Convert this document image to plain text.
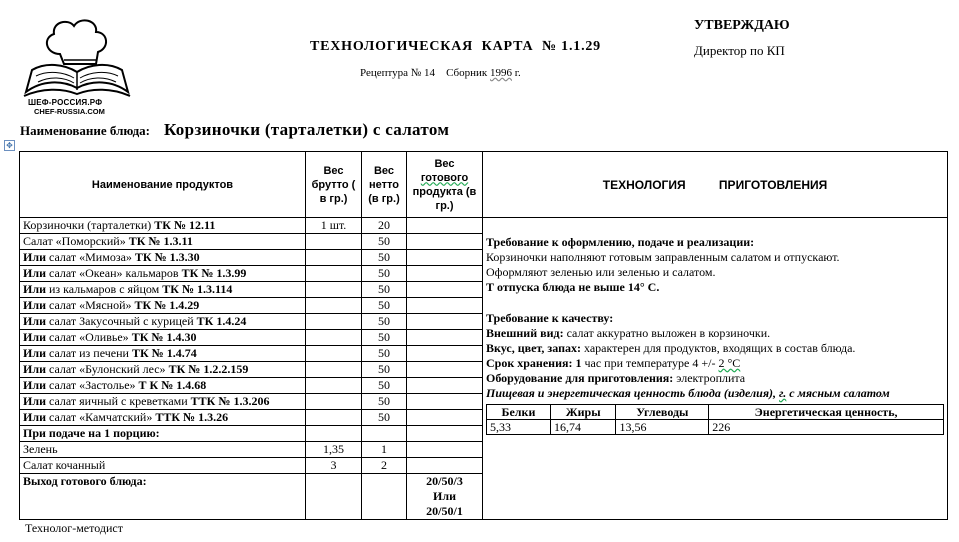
ШЕФ-РОССИЯ.РФ
CHEF-RUSSIA.COM
ТЕХНОЛОГИЧЕСКАЯ  КАРТА  № 1.1.29
Рецептура № 14 Сборник 1996 г.
УТВЕРЖДАЮ
Директор по КП
Наименование блюда: Корзиночки (тарталетки) с салатом
✥
Наименование продуктов	Вес брутто ( в гр.)	Вес нетто (в гр.)	Вес готового продукта (в гр.)	ТЕХНОЛОГИЯ          ПРИГОТОВЛЕНИЯ
Корзиночки (тарталетки) ТК № 12.11	1 шт.	20		
Требование к оформлению, подаче и реализации:
Корзиночки наполняют готовым заправленным салатом и отпускают.
Оформляют зеленью или зеленью и салатом.
Т отпуска блюда не выше 14° С.
Требование к качеству:
Внешний вид: салат аккуратно выложен в корзиночки.
Вкус, цвет, запах: характерен для продуктов, входящих в состав блюда.
Срок хранения: 1 час при температуре 4 +/- 2 °С
Оборудование для приготовления: электроплита
Пищевая и энергетическая ценность блюда (изделия), г. с мясным салатом
Белки	Жиры	Углеводы	Энергетическая ценность,
5,33	16,74	13,56	226

Салат «Поморский» ТК № 1.3.11		50	
Или салат «Мимоза» ТК № 1.3.30		50	
Или салат «Океан» кальмаров ТК № 1.3.99		50	
Или из кальмаров с яйцом ТК № 1.3.114		50	
Или салат «Мясной» ТК № 1.4.29		50	
Или салат Закусочный с курицей ТК 1.4.24		50	
Или салат «Оливье» ТК № 1.4.30		50	
Или салат из печени ТК № 1.4.74		50	
Или салат «Булонский лес» ТК № 1.2.2.159		50	
Или салат «Застолье» Т К № 1.4.68		50	
Или салат яичный с креветками ТТК № 1.3.206		50	
Или салат «Камчатский» ТТК № 1.3.26		50	
При подаче на 1 порцию:			
Зелень	1,35	1	
Салат кочанный	3	2	
Выход готового блюда:			20/50/3
Или
20/50/1
Технолог-методист
